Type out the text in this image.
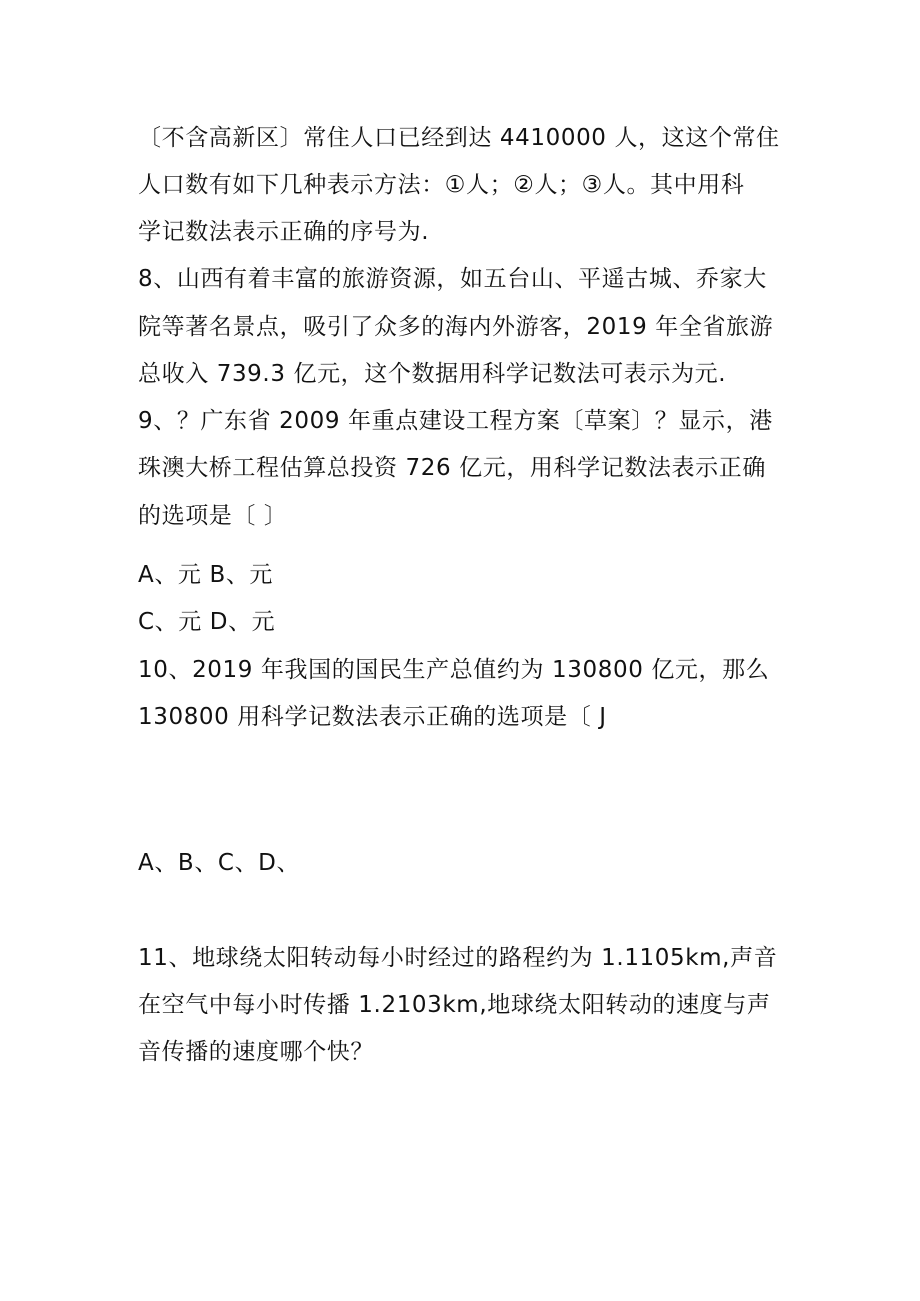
〔不含高新区〕常住人口已经到达 4410000 人，这这个常住
人口数有如下几种表示方法：①人；②人；③人。其中用科
学记数法表示正确的序号为.
8、山西有着丰富的旅游资源，如五台山、平遥古城、乔家大
院等著名景点，吸引了众多的海内外游客，2019 年全省旅游
总收入 739.3 亿元，这个数据用科学记数法可表示为元.
9、？广东省 2009 年重点建设工程方案〔草案〕？显示，港
珠澳大桥工程估算总投资 726 亿元，用科学记数法表示正确
的选项是〔 〕
A、元 B、元
C、元 D、元
10、2019 年我国的国民生产总值约为 130800 亿元，那么
130800 用科学记数法表示正确的选项是〔 J
A、B、C、D、
11、地球绕太阳转动每小时经过的路程约为 1.1105km,声音
在空气中每小时传播 1.2103km,地球绕太阳转动的速度与声
音传播的速度哪个快？
